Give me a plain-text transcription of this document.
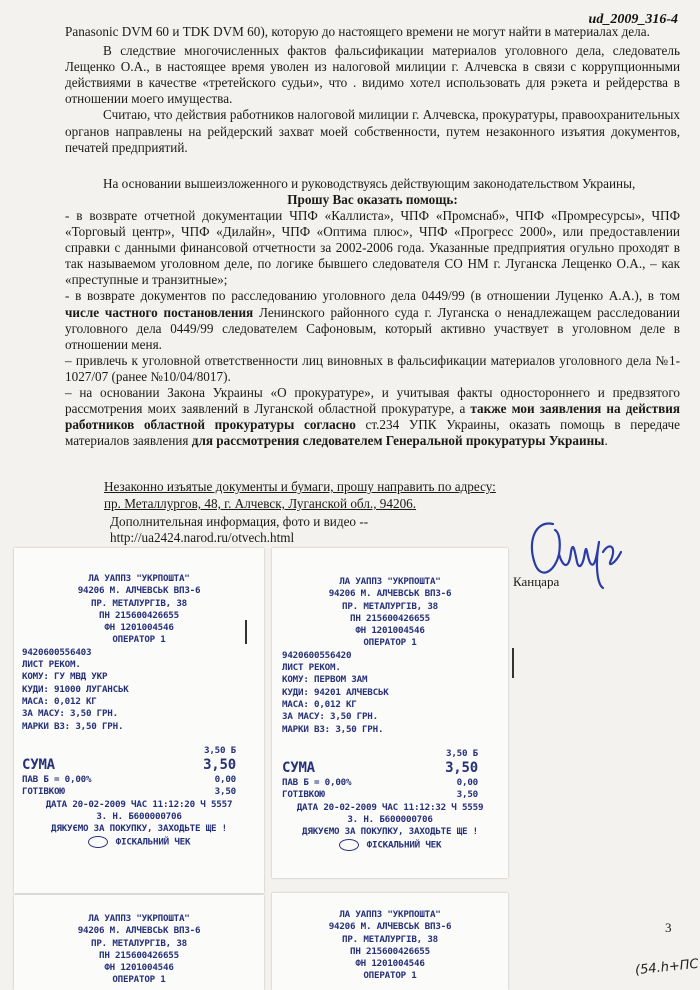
ud_2009_316-4

Panasonic DVM 60 и TDK DVM 60), которую до настоящего времени не могут найти в материалах дела.

В следствие многочисленных фактов фальсификации материалов уголовного дела, следователь Лещенко О.А., в настоящее время уволен из налоговой милиции г. Алчевска в связи с коррупционными действиями в качестве «третейского судьи», что . видимо хотел использовать для рэкета и рейдерства в отношении моего имущества.

Считаю, что действия работников налоговой милиции г. Алчевска, прокуратуры, правоохранительных органов направлены на рейдерский захват моей собственности, путем незаконного изъятия документов, печатей предприятий.

На основании вышеизложенного и руководствуясь действующим законодательством Украины,

Прошу Вас оказать помощь:

- в возврате отчетной документации ЧПФ «Каллиста», ЧПФ «Промснаб», ЧПФ «Промресурсы», ЧПФ «Торговый центр», ЧПФ «Дилайн», ЧПФ «Оптима плюс», ЧПФ «Прогресс 2000», или предоставлении справки с данными финансовой отчетности за 2002-2006 года. Указанные предприятия огульно проходят в так называемом уголовном деле, по логике бывшего следователя СО НМ г. Луганска Лещенко О.А., – как «преступные и транзитные»;

- в возврате документов по расследованию уголовного дела 0449/99 (в отношении Луценко А.А.), в том числе частного постановления Ленинского районного суда г. Луганска о ненадлежащем расследовании уголовного дела 0449/99 следователем Сафоновым, который активно участвует в уголовном деле в отношении меня.

– привлечь к уголовной ответственности лиц виновных в фальсификации материалов уголовного дела №1-1027/07 (ранее №10/04/8017).

– на основании Закона Украины «О прокуратуре», и учитывая факты одностороннего и предвзятого рассмотрения моих заявлений в Луганской областной прокуратуре, а также мои заявления на действия работников областной прокуратуры согласно ст.234 УПК Украины, оказать помощь в передаче материалов заявления для рассмотрения следователем Генеральной прокуратуры Украины.

Незаконно изъятые документы и бумаги, прошу направить по адресу:
пр. Металлургов, 48, г. Алчевск, Луганской обл., 94206.
Дополнительная информация, фото и видео --
http://ua2424.narod.ru/otvech.html
Канцара
ЛА УАППЗ "УКРПОШТА"
94206 М. АЛЧЕВСЬК ВПЗ-6
ПР. МЕТАЛУРГІВ, 38
ПН 215600426655
ФН 1201004546
ОПЕРАТОР 1
9420600556403
ЛИСТ РЕКОМ.
КОМУ: ГУ МВД УКР
КУДИ: 91000 ЛУГАНСЬК
МАСА: 0,012 КГ
ЗА МАСУ: 3,50 ГРН.
МАРКИ ВЗ: 3,50 ГРН.
3,50 Б
СУМА	3,50
ПАВ Б = 0,00%	0,00
ГОТІВКОЮ	3,50
ДАТА 20-02-2009 ЧАС 11:12:20 Ч 5557
З. Н. Б600000706
ДЯКУЄМО ЗА ПОКУПКУ, ЗАХОДЬТЕ ЩЕ !
ФІСКАЛЬНИЙ ЧЕК
ЛА УАППЗ "УКРПОШТА"
94206 М. АЛЧЕВСЬК ВПЗ-6
ПР. МЕТАЛУРГІВ, 38
ПН 215600426655
ФН 1201004546
ОПЕРАТОР 1
9420600556420
ЛИСТ РЕКОМ.
КОМУ: ПЕРВОМ ЗАМ
КУДИ: 94201 АЛЧЕВСЬК
МАСА: 0,012 КГ
ЗА МАСУ: 3,50 ГРН.
МАРКИ ВЗ: 3,50 ГРН.
3,50 Б
СУМА	3,50
ПАВ Б = 0,00%	0,00
ГОТІВКОЮ	3,50
ДАТА 20-02-2009 ЧАС 11:12:32 Ч 5559
З. Н. Б600000706
ДЯКУЄМО ЗА ПОКУПКУ, ЗАХОДЬТЕ ЩЕ !
ФІСКАЛЬНИЙ ЧЕК
ЛА УАППЗ "УКРПОШТА"
94206 М. АЛЧЕВСЬК ВПЗ-6
ПР. МЕТАЛУРГІВ, 38
ПН 215600426655
ФН 1201004546
ОПЕРАТОР 1
ЛА УАППЗ "УКРПОШТА"
94206 М. АЛЧЕВСЬК ВПЗ-6
ПР. МЕТАЛУРГІВ, 38
ПН 215600426655
ФН 1201004546
ОПЕРАТОР 1
3
(54.h+ПС
